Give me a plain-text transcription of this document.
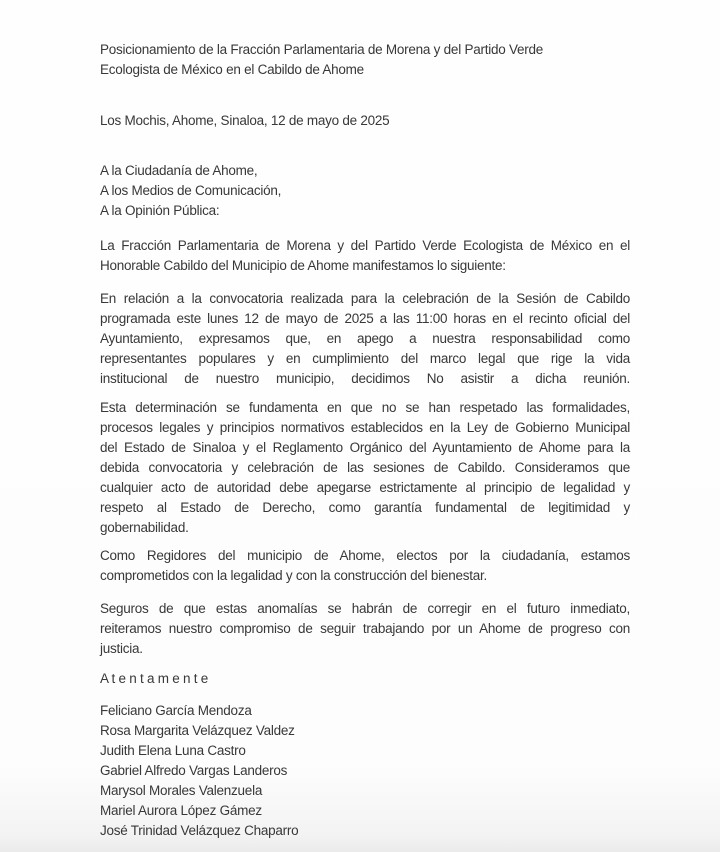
Posicionamiento de la Fracción Parlamentaria de Morena y del Partido Verde
Ecologista de México en el Cabildo de Ahome
Los Mochis, Ahome, Sinaloa, 12 de mayo de 2025
A la Ciudadanía de Ahome,
A los Medios de Comunicación,
A la Opinión Pública:
La Fracción Parlamentaria de Morena y del Partido Verde Ecologista de México en el
Honorable Cabildo del Municipio de Ahome manifestamos lo siguiente:
En relación a la convocatoria realizada para la celebración de la Sesión de Cabildo
programada este lunes 12 de mayo de 2025 a las 11:00 horas en el recinto oficial del
Ayuntamiento, expresamos que, en apego a nuestra responsabilidad como
representantes populares y en cumplimiento del marco legal que rige la vida
institucional de nuestro municipio, decidimos No asistir a dicha reunión.
Esta determinación se fundamenta en que no se han respetado las formalidades,
procesos legales y principios normativos establecidos en la Ley de Gobierno Municipal
del Estado de Sinaloa y el Reglamento Orgánico del Ayuntamiento de Ahome para la
debida convocatoria y celebración de las sesiones de Cabildo. Consideramos que
cualquier acto de autoridad debe apegarse estrictamente al principio de legalidad y
respeto al Estado de Derecho, como garantía fundamental de legitimidad y
gobernabilidad.
Como Regidores del municipio de Ahome, electos por la ciudadanía, estamos
comprometidos con la legalidad y con la construcción del bienestar.
Seguros de que estas anomalías se habrán de corregir en el futuro inmediato,
reiteramos nuestro compromiso de seguir trabajando por un Ahome de progreso con
justicia.
A t e n t a m e n t e
Feliciano García Mendoza
Rosa Margarita Velázquez Valdez
Judith Elena Luna Castro
Gabriel Alfredo Vargas Landeros
Marysol Morales Valenzuela
Mariel Aurora López Gámez
José Trinidad Velázquez Chaparro
